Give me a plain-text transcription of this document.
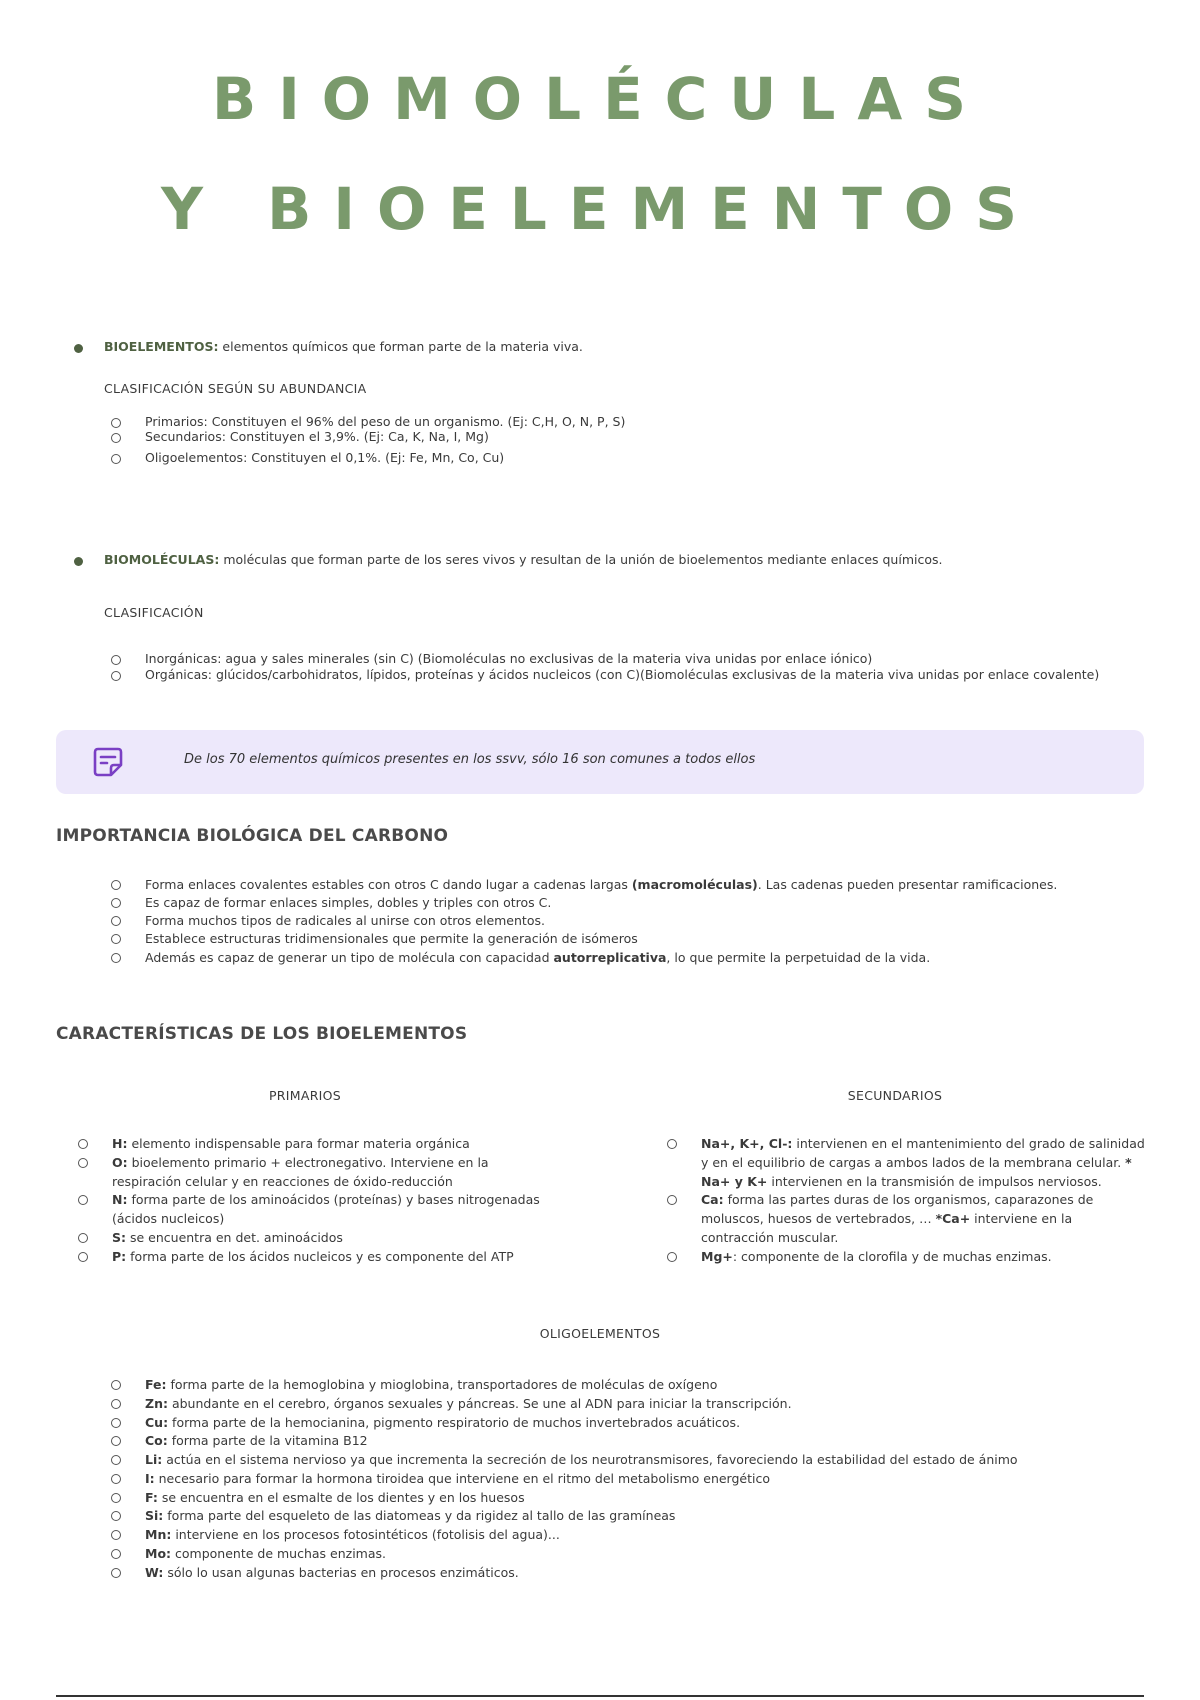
BIOMOLÉCULAS
Y BIOELEMENTOS
BIOELEMENTOS: elementos químicos que forman parte de la materia viva.
CLASIFICACIÓN SEGÚN SU ABUNDANCIA
Primarios: Constituyen el 96% del peso de un organismo. (Ej: C,H, O, N, P, S)
Secundarios: Constituyen el 3,9%. (Ej: Ca, K, Na, I, Mg)
Oligoelementos: Constituyen el 0,1%. (Ej: Fe, Mn, Co, Cu)
BIOMOLÉCULAS: moléculas que forman parte de los seres vivos y resultan de la unión de bioelementos mediante enlaces químicos.
CLASIFICACIÓN
Inorgánicas: agua y sales minerales (sin C) (Biomoléculas no exclusivas de la materia viva unidas por enlace iónico)
Orgánicas: glúcidos/carbohidratos, lípidos, proteínas y ácidos nucleicos (con C)(Biomoléculas exclusivas de la materia viva unidas por enlace covalente)
De los 70 elementos químicos presentes en los ssvv, sólo 16 son comunes a todos ellos
IMPORTANCIA BIOLÓGICA DEL CARBONO
Forma enlaces covalentes estables con otros C dando lugar a cadenas largas (macromoléculas). Las cadenas pueden presentar ramificaciones.
Es capaz de formar enlaces simples, dobles y triples con otros C.
Forma muchos tipos de radicales al unirse con otros elementos.
Establece estructuras tridimensionales que permite la generación de isómeros
Además es capaz de generar un tipo de molécula con capacidad autorreplicativa, lo que permite la perpetuidad de la vida.
CARACTERÍSTICAS DE LOS BIOELEMENTOS
PRIMARIOS	SECUNDARIOS
H: elemento indispensable para formar materia orgánica
O: bioelemento primario + electronegativo. Interviene en la respiración celular y en reacciones de óxido-reducción
N: forma parte de los aminoácidos (proteínas) y bases nitrogenadas (ácidos nucleicos)
S: se encuentra en det. aminoácidos
P: forma parte de los ácidos nucleicos y es componente del ATP
Na+, K+, Cl-: intervienen en el mantenimiento del grado de salinidad y en el equilibrio de cargas a ambos lados de la membrana celular. * Na+ y K+ intervienen en la transmisión de impulsos nerviosos.
Ca: forma las partes duras de los organismos, caparazones de moluscos, huesos de vertebrados, … *Ca+ interviene en la contracción muscular.
Mg+: componente de la clorofila y de muchas enzimas.
OLIGOELEMENTOS
Fe: forma parte de la hemoglobina y mioglobina, transportadores de moléculas de oxígeno
Zn: abundante en el cerebro, órganos sexuales y páncreas. Se une al ADN para iniciar la transcripción.
Cu: forma parte de la hemocianina, pigmento respiratorio de muchos invertebrados acuáticos.
Co: forma parte de la vitamina B12
Li: actúa en el sistema nervioso ya que incrementa la secreción de los neurotransmisores, favoreciendo la estabilidad del estado de ánimo
I: necesario para formar la hormona tiroidea que interviene en el ritmo del metabolismo energético
F: se encuentra en el esmalte de los dientes y en los huesos
Si: forma parte del esqueleto de las diatomeas y da rigidez al tallo de las gramíneas
Mn: interviene en los procesos fotosintéticos (fotolisis del agua)...
Mo: componente de muchas enzimas.
W: sólo lo usan algunas bacterias en procesos enzimáticos.
